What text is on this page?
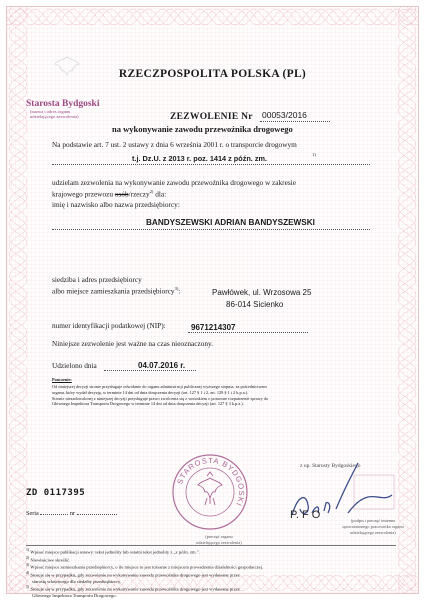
RZECZPOSPOLITA POLSKA (PL)
Starosta Bydgoski
(nazwa i adres organu
udzielającego zezwolenia)	ZEZWOLENIE Nr 00053/2016
na wykonywanie zawodu przewoźnika drogowego
Na podstawie art. 7 ust. 2 ustawy z dnia 6 września 2001 r. o transporcie drogowym
t.j. Dz.U. z 2013 r. poz. 1414 z późn. zm.	1)
udzielam zezwolenia na wykonywanie zawodu przewoźnika drogowego w zakresie
krajowego przewozu osób/rzeczy$^{2)}$ dla:
imię i nazwisko albo nazwa przedsiębiorcy:
BANDYSZEWSKI ADRIAN BANDYSZEWSKI
siedziba i adres przedsiębiorcy
albo miejsce zamieszkania przedsiębiorcy$^{3)}$:	Pawłówek, ul. Wrzosowa 25
86-014 Sicienko
numer identyfikacji podatkowej (NIP):	9671214307
Niniejsze zezwolenie jest ważne na czas nieoznaczony.
Udzielono dnia	04.07.2016 r.
Pouczenie:
Od niniejszej decyzji stronie przysługuje odwołanie do organu administracji publicznej wyższego stopnia, za pośrednictwem
organu, który wydał decyzję, w terminie 14 dni od dnia doręczenia decyzji (art. 127 § 1 i 2, art. 129 § 1 i 2 k.p.a.).
Stronie niezadowolonej z niniejszej decyzji przysługuje prawo zwrócenia się z wnioskiem o ponowne rozpatrzenie sprawy do
Głównego Inspektora Transportu Drogowego w terminie 14 dni od dnia doręczenia decyzji (art. 127 § 3 k.p.a.).
STAROSTA BYDGOSKI
z up. Starosty Bydgoskiego
P. F O	(podpis i pieczęć imienna
upoważnionego pracownika organu
udzielającego zezwolenia)
(pieczęć organu
udzielającego zezwolenia)
ZD 0117395
Seria	nr
$^{1)}$ Wpisać miejsce publikacji ustawy: tekst jednolity lub ostatni tekst jednolity z „z późn. zm.”.
$^{2)}$ Niewłaściwe skreślić.
$^{3)}$ Wpisać miejsce zamieszkania przedsiębiorcy, o ile miejsce to jest tożsame z miejscem prowadzenia działalności gospodarczej.
$^{4)}$ Stosuje się w przypadku, gdy zezwolenie na wykonywanie zawodu przewoźnika drogowego jest wydawane przez
starostę właściwego dla siedziby przedsiębiorcy.
$^{5)}$ Stosuje się w przypadku, gdy zezwolenie na wykonywanie zawodu przewoźnika drogowego jest wydawane przez
Głównego Inspektora Transportu Drogowego.
